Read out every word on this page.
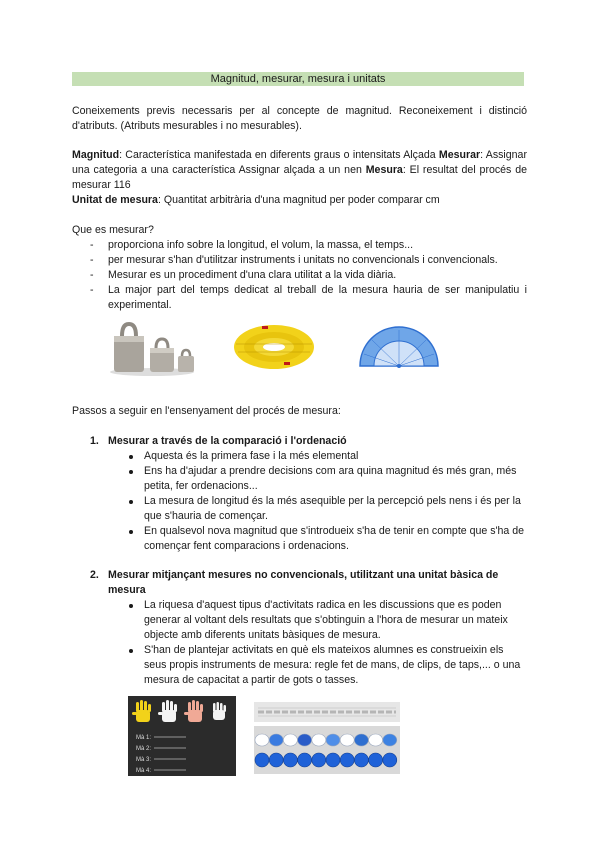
Magnitud, mesurar, mesura i unitats
Coneixements previs necessaris per al concepte de magnitud. Reconeixement i distinció d'atributs. (Atributs mesurables i no mesurables).
Magnitud: Característica manifestada en diferents graus o intensitats Alçada Mesurar: Assignar una categoria a una característica Assignar alçada a un nen Mesura: El resultat del procés de mesurar 116
Unitat de mesura: Quantitat arbitrària d'una magnitud per poder comparar cm
Que es mesurar?
- proporciona info sobre la longitud, el volum, la massa, el temps...
- per mesurar s'han d'utilitzar instruments i unitats no convencionals i convencionals.
- Mesurar es un procediment d'una clara utilitat a la vida diària.
- La major part del temps dedicat al treball de la mesura hauria de ser manipulatiu i experimental.
Passos a seguir en l'ensenyament del procés de mesura:
1. Mesurar a través de la comparació i l'ordenació
Aquesta és la primera fase i la més elemental
Ens ha d'ajudar a prendre decisions com ara quina magnitud és més gran, més petita, fer ordenacions...
La mesura de longitud és la més asequible per la percepció pels nens i és per la que s'hauria de començar.
En qualsevol nova magnitud que s'introdueix s'ha de tenir en compte que s'ha de començar fent comparacions i ordenacions.
2. Mesurar mitjançant mesures no convencionals, utilitzant una unitat bàsica de mesura
La riquesa d'aquest tipus d'activitats radica en les discussions que es poden generar al voltant dels resultats que s'obtinguin a l'hora de mesurar un mateix objecte amb diferents unitats bàsiques de mesura.
S'han de plantejar activitats en què els mateixos alumnes es construeixin els seus propis instruments de mesura: regle fet de mans, de clips, de taps,... o una mesura de capacitat a partir de gots o tasses.
Mà 1:
Mà 2:
Mà 3:
Mà 4:
